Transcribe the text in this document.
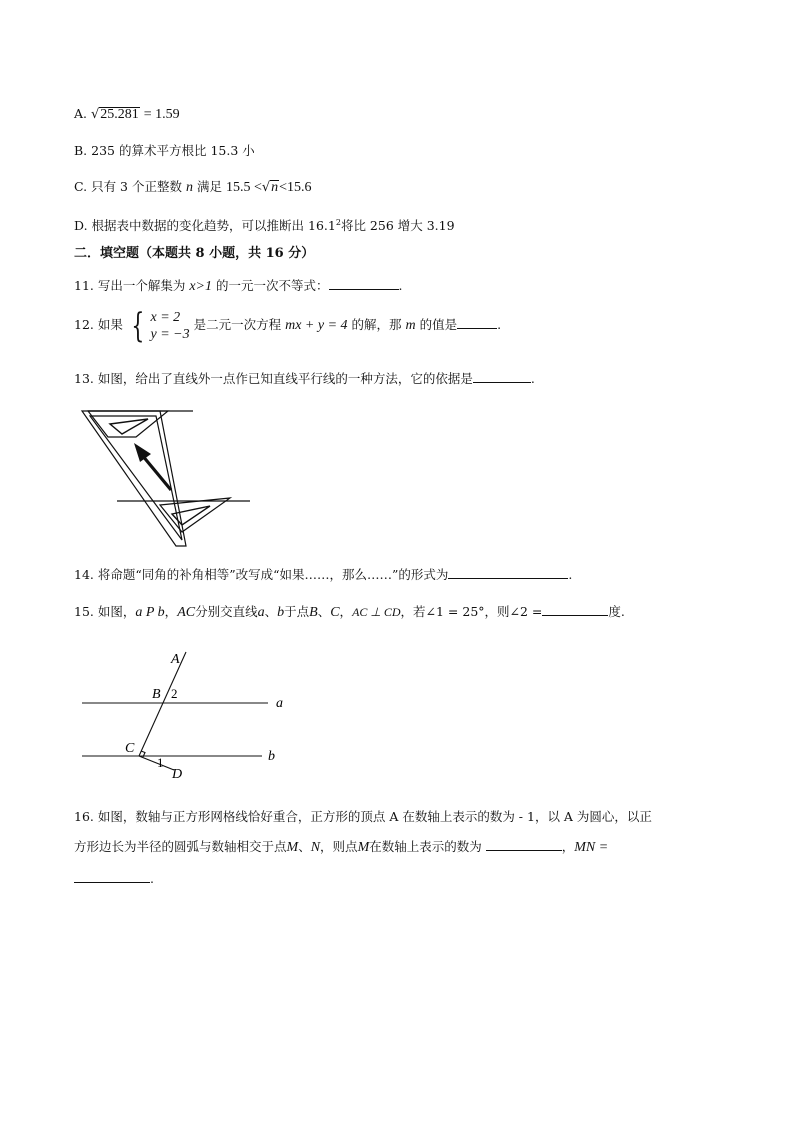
A. √25.281 = 1.59
B. 235 的算术平方根比 15.3 小
C. 只有 3 个正整数 n 满足 15.5 <√n<15.6
D. 根据表中数据的变化趋势，可以推断出 16.1$^2$将比 256 增大 3.19
二．填空题（本题共 8 小题，共 16 分）
11. 写出一个解集为 x>1 的一元一次不等式：	.
12. 如果 { x = 2
y = −3
是二元一次方程 mx + y = 4 的解，那 m 的值是	.
13. 如图，给出了直线外一点作已知直线平行线的一种方法，它的依据是	.
14. 将命题“同角的补角相等”改写成“如果……，那么……”的形式为	.
15. 如图，a P b，AC分别交直线a、b于点B、C，AC ⊥ CD，若∠1 = 25°，则∠2 =	度.
A
B 2
a
C
1	b
D
16. 如图，数轴与正方形网格线恰好重合，正方形的顶点 A 在数轴上表示的数为 - 1，以 A 为圆心，以正
方形边长为半径的圆弧与数轴相交于点M、N，则点M在数轴上表示的数为	，MN =
.
